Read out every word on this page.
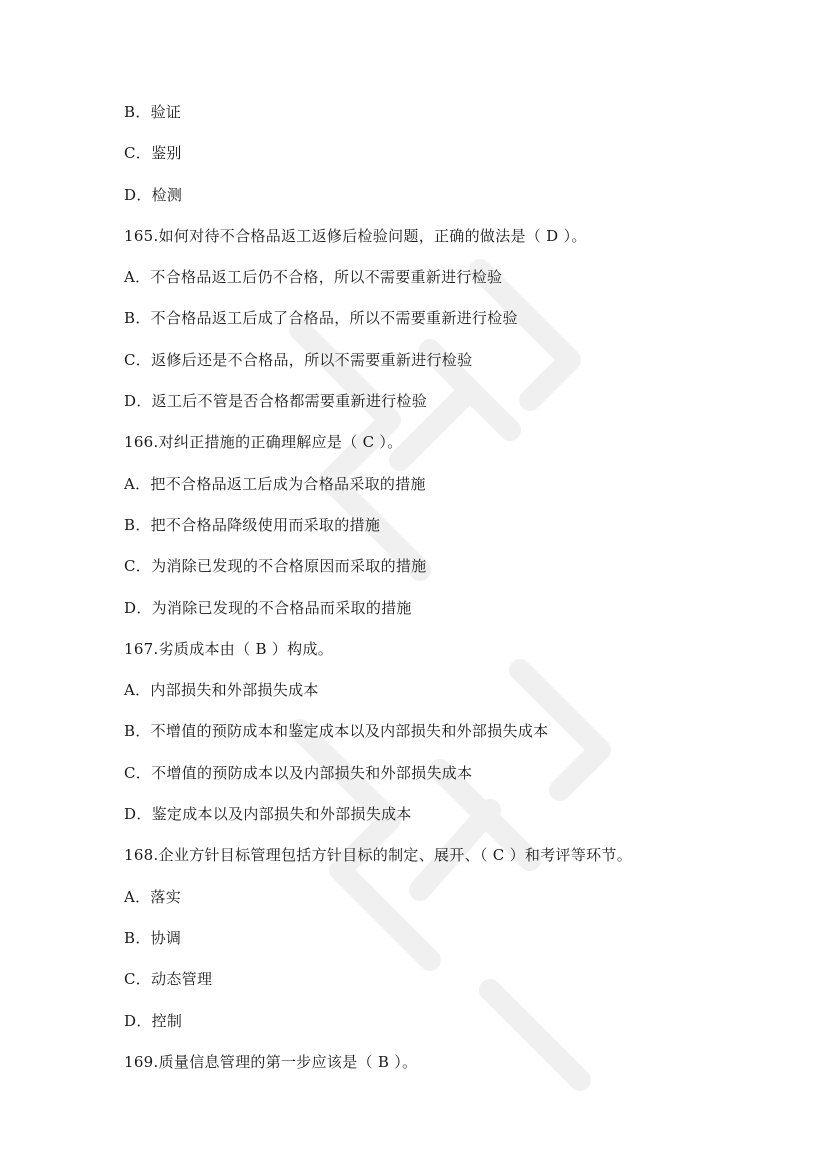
B．验证
C．鉴别
D．检测
165.如何对待不合格品返工返修后检验问题，正确的做法是（ D ）。
A．不合格品返工后仍不合格，所以不需要重新进行检验
B．不合格品返工后成了合格品，所以不需要重新进行检验
C．返修后还是不合格品，所以不需要重新进行检验
D．返工后不管是否合格都需要重新进行检验
166.对纠正措施的正确理解应是（ C ）。
A．把不合格品返工后成为合格品采取的措施
B．把不合格品降级使用而采取的措施
C．为消除已发现的不合格原因而采取的措施
D．为消除已发现的不合格品而采取的措施
167.劣质成本由（ B ）构成。
A．内部损失和外部损失成本
B．不增值的预防成本和鉴定成本以及内部损失和外部损失成本
C．不增值的预防成本以及内部损失和外部损失成本
D．鉴定成本以及内部损失和外部损失成本
168.企业方针目标管理包括方针目标的制定、展开、（ C ）和考评等环节。
A．落实
B．协调
C．动态管理
D．控制
169.质量信息管理的第一步应该是（ B ）。
